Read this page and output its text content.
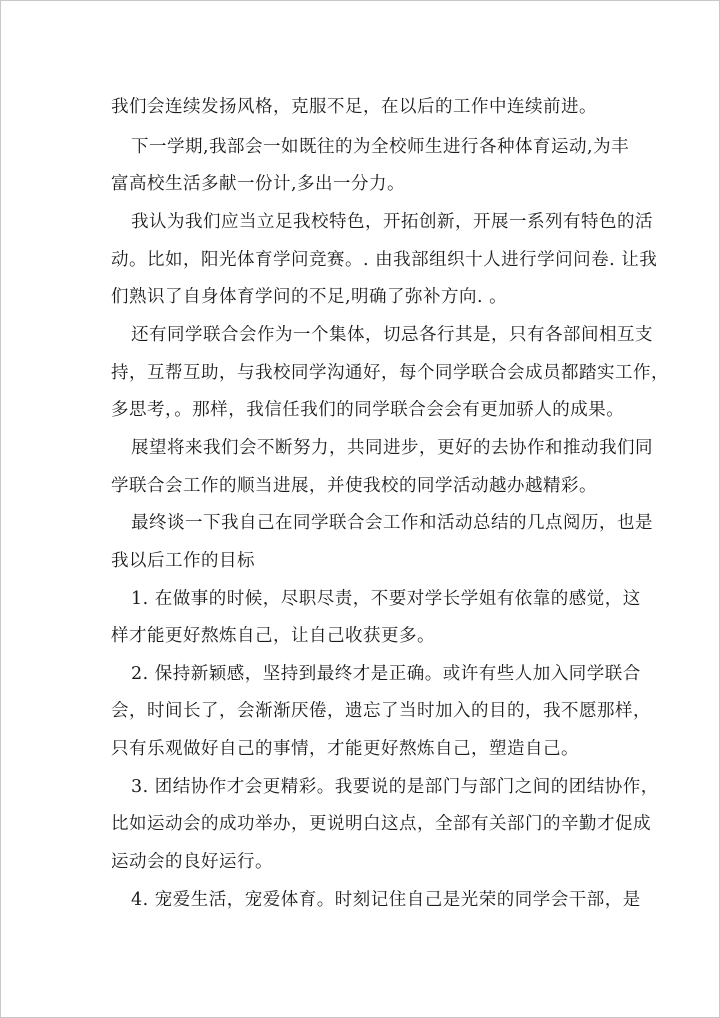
我们会连续发扬风格，克服不足，在以后的工作中连续前进。
下一学期,我部会一如既往的为全校师生进行各种体育运动,为丰
富高校生活多献一份计,多出一分力。
我认为我们应当立足我校特色，开拓创新，开展一系列有特色的活
动。比如，阳光体育学问竞赛。. 由我部组织十人进行学问问卷. 让我
们熟识了自身体育学问的不足,明确了弥补方向. 。
还有同学联合会作为一个集体，切忌各行其是，只有各部间相互支
持，互帮互助，与我校同学沟通好，每个同学联合会成员都踏实工作，
多思考，。那样，我信任我们的同学联合会会有更加骄人的成果。
展望将来我们会不断努力，共同进步，更好的去协作和推动我们同
学联合会工作的顺当进展，并使我校的同学活动越办越精彩。
最终谈一下我自己在同学联合会工作和活动总结的几点阅历，也是
我以后工作的目标
1. 在做事的时候，尽职尽责，不要对学长学姐有依靠的感觉，这
样才能更好熬炼自己，让自己收获更多。
2. 保持新颖感，坚持到最终才是正确。或许有些人加入同学联合
会，时间长了，会渐渐厌倦，遗忘了当时加入的目的，我不愿那样，
只有乐观做好自己的事情，才能更好熬炼自己，塑造自己。
3. 团结协作才会更精彩。我要说的是部门与部门之间的团结协作，
比如运动会的成功举办，更说明白这点，全部有关部门的辛勤才促成
运动会的良好运行。
4. 宠爱生活，宠爱体育。时刻记住自己是光荣的同学会干部，是
